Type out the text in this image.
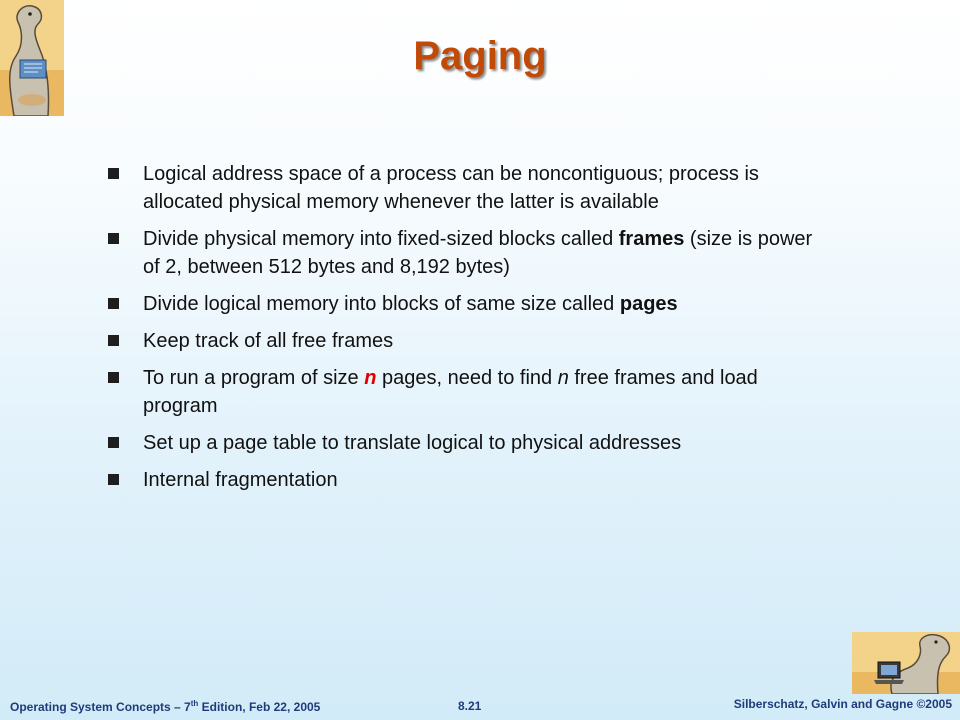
Paging
Logical address space of a process can be noncontiguous; process is allocated physical memory whenever the latter is available
Divide physical memory into fixed-sized blocks called frames (size is power of 2, between 512 bytes and 8,192 bytes)
Divide logical memory into blocks of same size called pages
Keep track of all free frames
To run a program of size n pages, need to find n free frames and load program
Set up a page table to translate logical to physical addresses
Internal fragmentation
Operating System Concepts – 7th Edition, Feb 22, 2005	8.21	Silberschatz, Galvin and Gagne ©2005
